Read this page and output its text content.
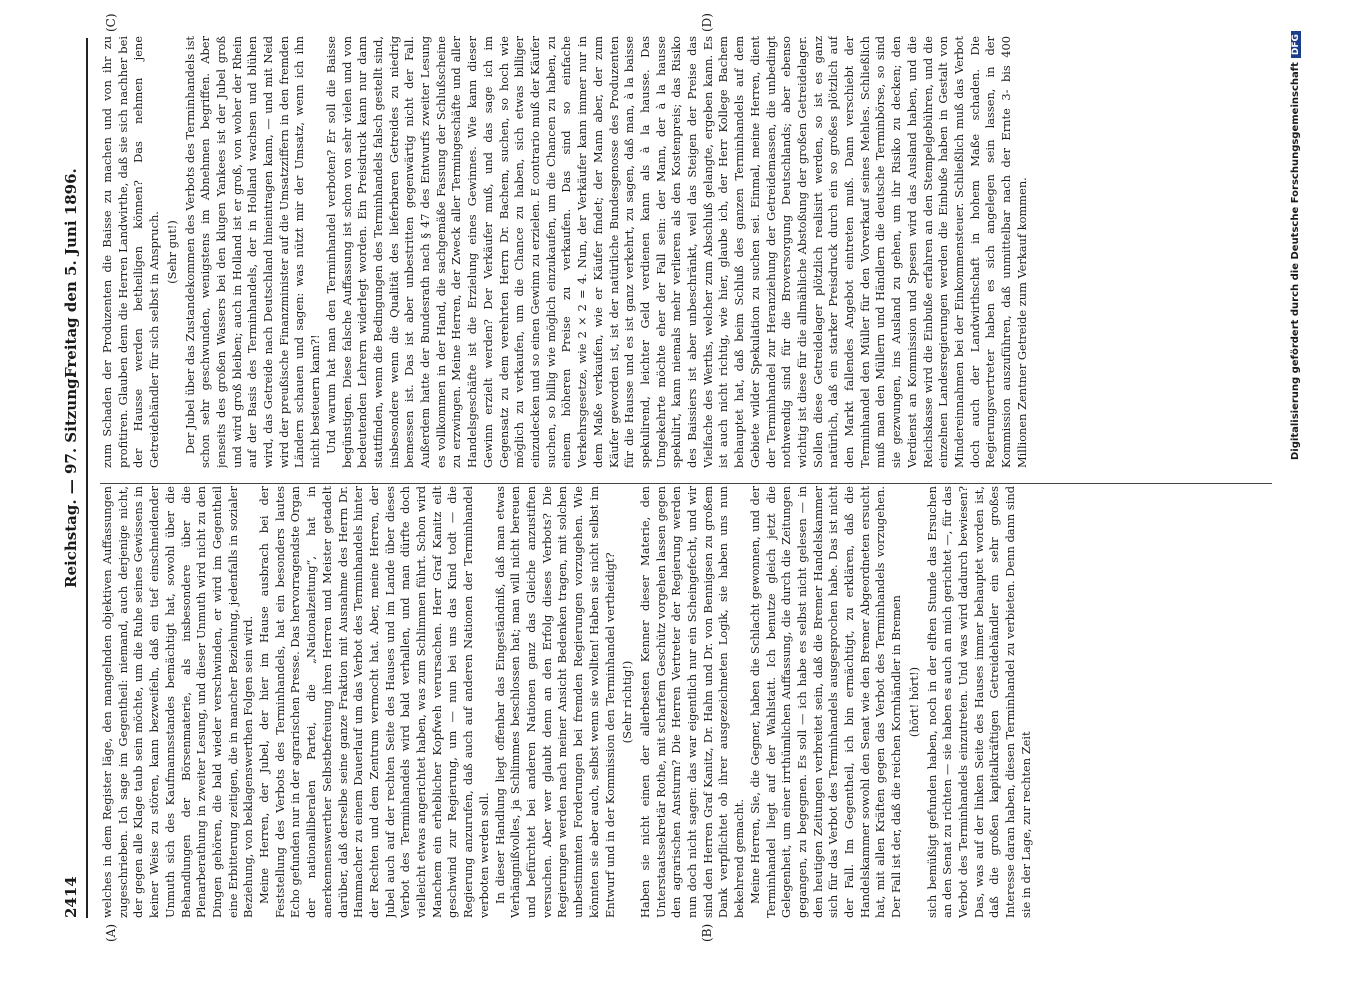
2414
Reichstag. — 97. Sitzung.
Freitag den 5. Juni 1896.
(A)	(B)
(C)	(D)

welches in dem Register läge, den mangelnden objektiven Auffassungen zugeschrieben. Ich sage im Gegentheil: niemand, auch derjenige nicht, der gegen alle Klage taub sein möchte, um die Ruhe seines Gewissens in keiner Weise zu stören, kann bezweifeln, daß ein tief einschneidender Unmuth sich des Kaufmannsstandes bemächtigt hat, sowohl über die Behandlungen der Börsenmaterie, als insbesondere über die Plenarberathung in zweiter Lesung, und dieser Unmuth wird nicht zu den Dingen gehören, die bald wieder verschwinden, er wird im Gegentheil eine Erbitterung zeitigen, die in mancher Beziehung, jedenfalls in sozialer Beziehung, von beklagenswerthen Folgen sein wird. Meine Herren, der Jubel, der hier im Hause ausbrach bei der Feststellung des Verbots des Terminhandels, hat ein besonders lautes Echo gefunden nur in der agrarischen Presse. Das hervorragendste Organ der nationalliberalen Partei, die „Nationalzeitung“, hat in anerkennenswerther Selbstbefreiung ihren Herren und Meister getadelt darüber, daß derselbe seine ganze Fraktion mit Ausnahme des Herrn Dr. Hammacher zu einem Dauerlauf um das Verbot des Terminhandels hinter der Rechten und dem Zentrum vermocht hat. Aber, meine Herren, der Jubel auch auf der rechten Seite des Hauses und im Lande über dieses Verbot des Terminhandels wird bald verhallen, und man dürfte doch vielleicht etwas angerichtet haben, was zum Schlimmen führt. Schon wird Manchem ein erheblicher Kopfweh verursachen. Herr Graf Kanitz eilt geschwind zur Regierung, um — nun bei uns das Kind todt — die Regierung anzurufen, daß auch auf anderen Nationen der Terminhandel verboten werden soll. In dieser Handlung liegt offenbar das Eingeständniß, daß man etwas Verhängnißvolles, ja Schlimmes beschlossen hat; man will nicht bereuen und befürchtet bei anderen Nationen ganz das Gleiche anzustiften versuchen. Aber wer glaubt denn an den Erfolg dieses Verbots? Die Regierungen werden nach meiner Ansicht Bedenken tragen, mit solchen unbestimmten Forderungen bei fremden Regierungen vorzugehen. Wie könnten sie aber auch, selbst wenn sie wollten! Haben sie nicht selbst im Entwurf und in der Kommission den Terminhandel vertheidigt? (Sehr richtig!) Haben sie nicht einen der allerbesten Kenner dieser Materie, den Unterstaatssekretär Rothe, mit scharfem Geschütz vorgehen lassen gegen den agrarischen Ansturm? Die Herren Vertreter der Regierung werden nun doch nicht sagen: das war eigentlich nur ein Scheingefecht, und wir sind den Herren Graf Kanitz, Dr. Hahn und Dr. von Bennigsen zu großem Dank verpflichtet ob ihrer ausgezeichneten Logik, sie haben uns nun bekehrend gemacht. Meine Herren, Sie, die Gegner, haben die Schlacht gewonnen, und der Terminhandel liegt auf der Wahlstatt. Ich benutze gleich jetzt die Gelegenheit, um einer irrthümlichen Auffassung, die durch die Zeitungen gegangen, zu begegnen. Es soll — ich habe es selbst nicht gelesen — in den heutigen Zeitungen verbreitet sein, daß die Bremer Handelskammer sich für das Verbot des Terminhandels ausgesprochen habe. Das ist nicht der Fall. Im Gegentheil, ich bin ermächtigt, zu erklären, daß die Handelskammer sowohl den Senat wie den Bremer Abgeordneten ersucht hat, mit allen Kräften gegen das Verbot des Terminhandels vorzugehen. Der Fall ist der, daß die reichen Kornhändler in Bremen (hört! hört!) sich bemüßigt gefunden haben, noch in der elften Stunde das Ersuchen an den Senat zu richten — sie haben es auch an mich gerichtet —, für das Verbot des Terminhandels einzutreten. Und was wird dadurch bewiesen? Das, was auf der linken Seite des Hauses immer behauptet worden ist, daß die großen kapitalkräftigen Getreidehändler ein sehr großes Interesse daran haben, diesen Terminhandel zu verbieten. Denn dann sind sie in der Lage, zur rechten Zeit

zum Schaden der Produzenten die Baisse zu machen und von ihr zu profitiren. Glauben denn die Herren Landwirthe, daß sie sich nachher bei der Hausse werden betheiligen können? Das nehmen jene Getreidehändler für sich selbst in Anspruch. (Sehr gut!) Der Jubel über das Zustandekommen des Verbots des Terminhandels ist schon sehr geschwunden, wenigstens im Abnehmen begriffen. Aber jenseits des großen Wassers bei den klugen Yankees ist der Jubel groß und wird groß bleiben; auch in Holland ist er groß, von woher der Rhein auf der Basis des Terminhandels, der in Holland wachsen und blühen wird, das Getreide nach Deutschland hineintragen kann, — und mit Neid wird der preußische Finanzminister auf die Umsatzziffern in den fremden Ländern schauen und sagen: was nützt mir der Umsatz, wenn ich ihn nicht besteuern kann?! Und warum hat man den Terminhandel verboten? Er soll die Baisse begünstigen. Diese falsche Auffassung ist schon von sehr vielen und von bedeutenden Lehrern widerlegt worden. Ein Preisdruck kann nur dann stattfinden, wenn die Bedingungen des Terminhandels falsch gestellt sind, insbesondere wenn die Qualität des lieferbaren Getreides zu niedrig bemessen ist. Das ist aber unbestritten gegenwärtig nicht der Fall. Außerdem hatte der Bundesrath nach § 47 des Entwurfs zweiter Lesung es vollkommen in der Hand, die sachgemäße Fassung der Schlußscheine zu erzwingen. Meine Herren, der Zweck aller Termingeschäfte und aller Handelsgeschäfte ist die Erzielung eines Gewinnes. Wie kann dieser Gewinn erzielt werden? Der Verkäufer muß, und das sage ich im Gegensatz zu dem verehrten Herrn Dr. Bachem, suchen, so hoch wie möglich zu verkaufen, um die Chance zu haben, sich etwas billiger einzudecken und so einen Gewinn zu erzielen. E contrario muß der Käufer suchen, so billig wie möglich einzukaufen, um die Chancen zu haben, zu einem höheren Preise zu verkaufen. Das sind so einfache Verkehrsgesetze, wie 2 × 2 = 4. Nun, der Verkäufer kann immer nur in dem Maße verkaufen, wie er Käufer findet; der Mann aber, der zum Käufer geworden ist, ist der natürliche Bundesgenosse des Produzenten für die Hausse und es ist ganz verkehrt, zu sagen, daß man, à la baisse spekulirend, leichter Geld verdienen kann als à la hausse. Das Umgekehrte möchte eher der Fall sein: der Mann, der à la hausse spekulirt, kann niemals mehr verlieren als den Kostenpreis; das Risiko des Baissiers ist aber unbeschränkt, weil das Steigen der Preise das Vielfache des Werths, welcher zum Abschluß gelangte, ergeben kann. Es ist auch nicht richtig, wie hier, glaube ich, der Herr Kollege Bachem behauptet hat, daß beim Schluß des ganzen Terminhandels auf dem Gebiete wilder Spekulation zu suchen sei. Einmal, meine Herren, dient der Terminhandel zur Heranziehung der Getreidemassen, die unbedingt nothwendig sind für die Broversorgung Deutschlands; aber ebenso wichtig ist diese für die allmähliche Abstoßung der großen Getreidelager. Sollen diese Getreidelager plötzlich realisirt werden, so ist es ganz natürlich, daß ein starker Preisdruck durch ein so großes plötzlich auf den Markt fallendes Angebot eintreten muß. Dann verschiebt der Terminhandel den Müller für den Vorverkauf seines Mehles. Schließlich muß man den Müllern und Händlern die deutsche Terminbörse, so sind sie gezwungen, ins Ausland zu gehen, um ihr Risiko zu decken; den Verdienst an Kommission und Spesen wird das Ausland haben, und die Reichskasse wird die Einbuße erfahren an den Stempelgebühren, und die einzelnen Landesregierungen werden die Einbuße haben in Gestalt von Mindereinnahmen bei der Einkommensteuer. Schließlich muß das Verbot doch auch der Landwirthschaft in hohem Maße schaden. Die Regierungsvertreter haben es sich angelegen sein lassen, in der Kommission auszuführen, daß unmittelbar nach der Ernte 3- bis 400 Millionen Zentner Getreide zum Verkauf kommen.	Digitalisierung gefördert durch die Deutsche ForschungsgemeinschaftDFG
